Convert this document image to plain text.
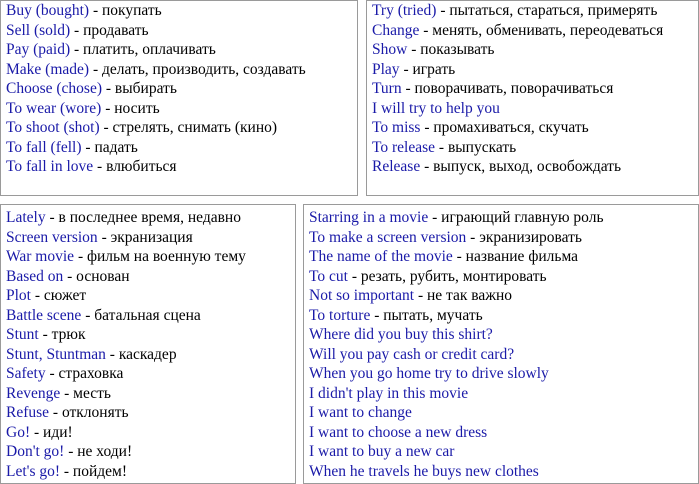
Buy (bought) - покупать
Sell (sold) - продавать
Pay (paid) - платить, оплачивать
Make (made) - делать, производить, создавать
Choose (chose) - выбирать
To wear (wore) - носить
To shoot (shot) - стрелять, снимать (кино)
To fall (fell) - падать
To fall in love - влюбиться
Try (tried) - пытаться, стараться, примерять
Change - менять, обменивать, переодеваться
Show - показывать
Play - играть
Turn - поворачивать, поворачиваться
I will try to help you
To miss - промахиваться, скучать
To release - выпускать
Release - выпуск, выход, освобождать
Lately - в последнее время, недавно
Screen version - экранизация
War movie - фильм на военную тему
Based on - основан
Plot - сюжет
Battle scene - батальная сцена
Stunt - трюк
Stunt, Stuntman - каскадер
Safety - страховка
Revenge - месть
Refuse - отклонять
Go! - иди!
Don't go! - не ходи!
Let's go! - пойдем!
Starring in a movie - играющий главную роль
To make a screen version - экранизировать
The name of the movie - название фильма
To cut - резать, рубить, монтировать
Not so important - не так важно
To torture - пытать, мучать
Where did you buy this shirt?
Will you pay cash or credit card?
When you go home try to drive slowly
I didn't play in this movie
I want to change
I want to choose a new dress
I want to buy a new car
When he travels he buys new clothes
